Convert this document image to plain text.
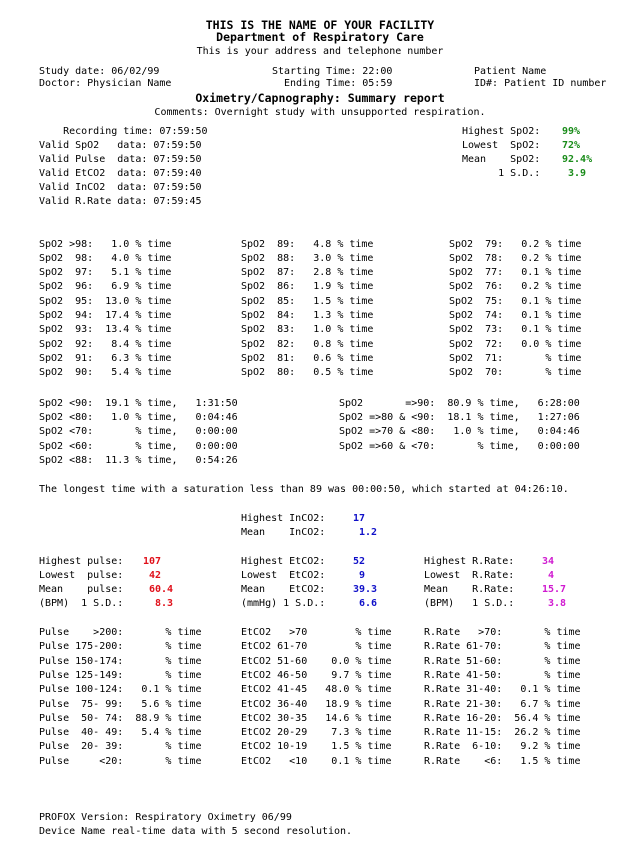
THIS IS THE NAME OF YOUR FACILITY
Department of Respiratory Care
This is your address and telephone number
Study date: 06/02/99
Doctor: Physician Name
Starting Time: 22:00
Ending Time: 05:59
Patient Name
ID#: Patient ID number
Oximetry/Capnography: Summary report
Comments: Overnight study with unsupported respiration.
Recording time: 07:59:50
Valid SpO2   data: 07:59:50
Valid Pulse  data: 07:59:50
Valid EtCO2  data: 07:59:40
Valid InCO2  data: 07:59:50
Valid R.Rate data: 07:59:45
Highest SpO2: 99%
Lowest  SpO2: 72%
Mean    SpO2: 92.4%
1 S.D.:	3.9
SpO2 >98:   1.0 % time
SpO2  98:   4.0 % time
SpO2  97:   5.1 % time
SpO2  96:   6.9 % time
SpO2  95:  13.0 % time
SpO2  94:  17.4 % time
SpO2  93:  13.4 % time
SpO2  92:   8.4 % time
SpO2  91:   6.3 % time
SpO2  90:   5.4 % time
SpO2  89:   4.8 % time
SpO2  88:   3.0 % time
SpO2  87:   2.8 % time
SpO2  86:   1.9 % time
SpO2  85:   1.5 % time
SpO2  84:   1.3 % time
SpO2  83:   1.0 % time
SpO2  82:   0.8 % time
SpO2  81:   0.6 % time
SpO2  80:   0.5 % time
SpO2  79:   0.2 % time
SpO2  78:   0.2 % time
SpO2  77:   0.1 % time
SpO2  76:   0.2 % time
SpO2  75:   0.1 % time
SpO2  74:   0.1 % time
SpO2  73:   0.1 % time
SpO2  72:   0.0 % time
SpO2  71:       % time
SpO2  70:       % time
SpO2 <90:  19.1 % time,   1:31:50
SpO2 <80:   1.0 % time,   0:04:46
SpO2 <70:       % time,   0:00:00
SpO2 <60:       % time,   0:00:00
SpO2 <88:  11.3 % time,   0:54:26
SpO2       =>90:  80.9 % time,   6:28:00
SpO2 =>80 & <90:  18.1 % time,   1:27:06
SpO2 =>70 & <80:   1.0 % time,   0:04:46
SpO2 =>60 & <70:       % time,   0:00:00
The longest time with a saturation less than 89 was 00:00:50, which started at 04:26:10.
Highest InCO2:	17
Mean    InCO2:	1.2
Highest pulse: 107
Lowest  pulse:	42
Mean    pulse:	60.4
(BPM)  1 S.D.:	8.3
Highest EtCO2:	52
Lowest  EtCO2:	9
Mean    EtCO2:	39.3
(mmHg) 1 S.D.:	6.6
Highest R.Rate:	34
Lowest  R.Rate:	4
Mean    R.Rate:	15.7
(BPM)   1 S.D.:	3.8
Pulse    >200:       % time
Pulse 175-200:       % time
Pulse 150-174:       % time
Pulse 125-149:       % time
Pulse 100-124:   0.1 % time
Pulse  75- 99:   5.6 % time
Pulse  50- 74:  88.9 % time
Pulse  40- 49:   5.4 % time
Pulse  20- 39:       % time
Pulse     <20:       % time
EtCO2   >70        % time
EtCO2 61-70        % time
EtCO2 51-60    0.0 % time
EtCO2 46-50    9.7 % time
EtCO2 41-45   48.0 % time
EtCO2 36-40   18.9 % time
EtCO2 30-35   14.6 % time
EtCO2 20-29    7.3 % time
EtCO2 10-19    1.5 % time
EtCO2   <10    0.1 % time
R.Rate   >70:       % time
R.Rate 61-70:       % time
R.Rate 51-60:       % time
R.Rate 41-50:       % time
R.Rate 31-40:   0.1 % time
R.Rate 21-30:   6.7 % time
R.Rate 16-20:  56.4 % time
R.Rate 11-15:  26.2 % time
R.Rate  6-10:   9.2 % time
R.Rate    <6:   1.5 % time
PROFOX Version: Respiratory Oximetry 06/99
Device Name real-time data with 5 second resolution.
